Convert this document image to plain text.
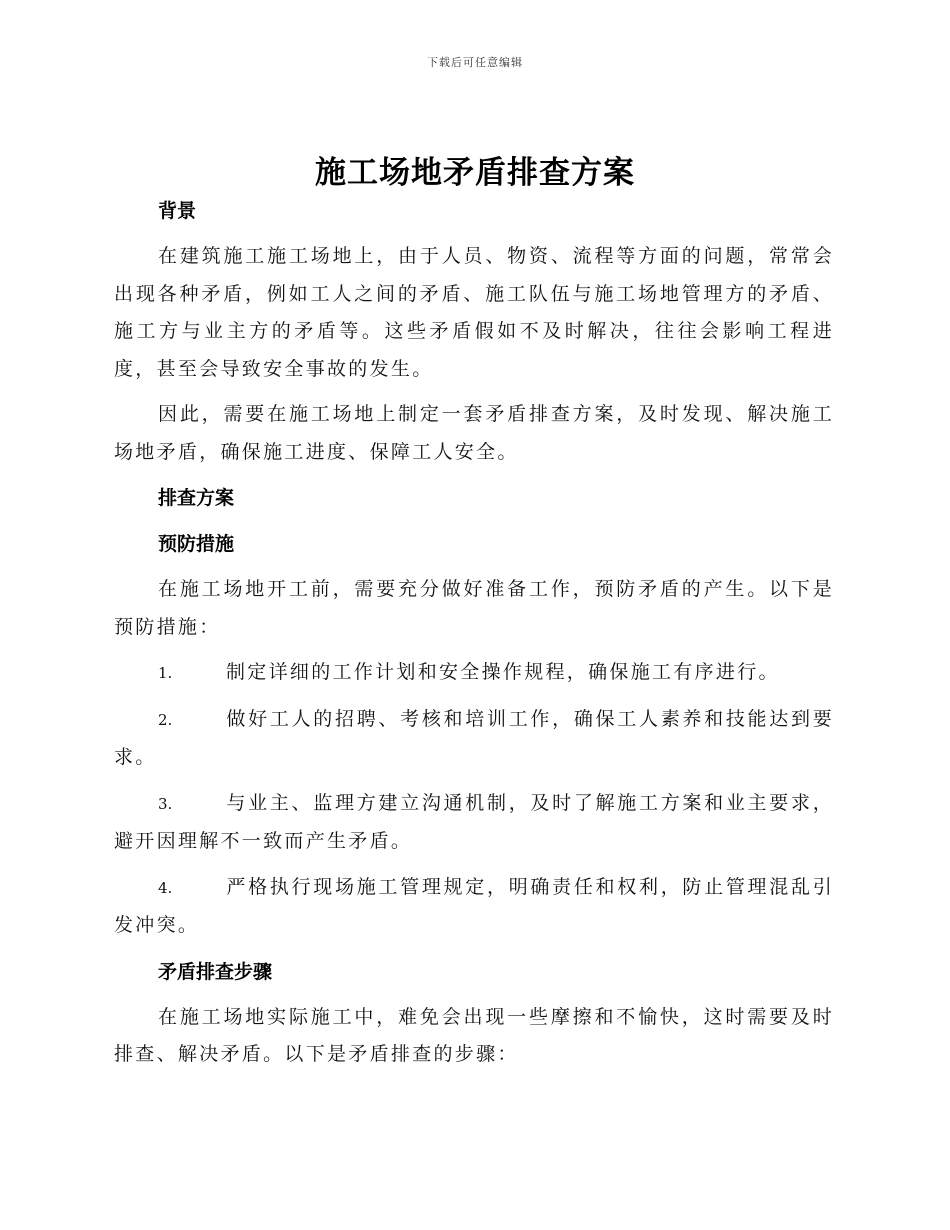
下载后可任意编辑
施工场地矛盾排查方案
背景
在建筑施工施工场地上，由于人员、物资、流程等方面的问题，常常会出现各种矛盾，例如工人之间的矛盾、施工队伍与施工场地管理方的矛盾、施工方与业主方的矛盾等。这些矛盾假如不及时解决，往往会影响工程进度，甚至会导致安全事故的发生。
因此，需要在施工场地上制定一套矛盾排查方案，及时发现、解决施工场地矛盾，确保施工进度、保障工人安全。
排查方案
预防措施
在施工场地开工前，需要充分做好准备工作，预防矛盾的产生。以下是预防措施：
1.	制定详细的工作计划和安全操作规程，确保施工有序进行。
2.	做好工人的招聘、考核和培训工作，确保工人素养和技能达到要求。
3.	与业主、监理方建立沟通机制，及时了解施工方案和业主要求，避开因理解不一致而产生矛盾。
4.	严格执行现场施工管理规定，明确责任和权利，防止管理混乱引发冲突。
矛盾排查步骤
在施工场地实际施工中，难免会出现一些摩擦和不愉快，这时需要及时排查、解决矛盾。以下是矛盾排查的步骤：
